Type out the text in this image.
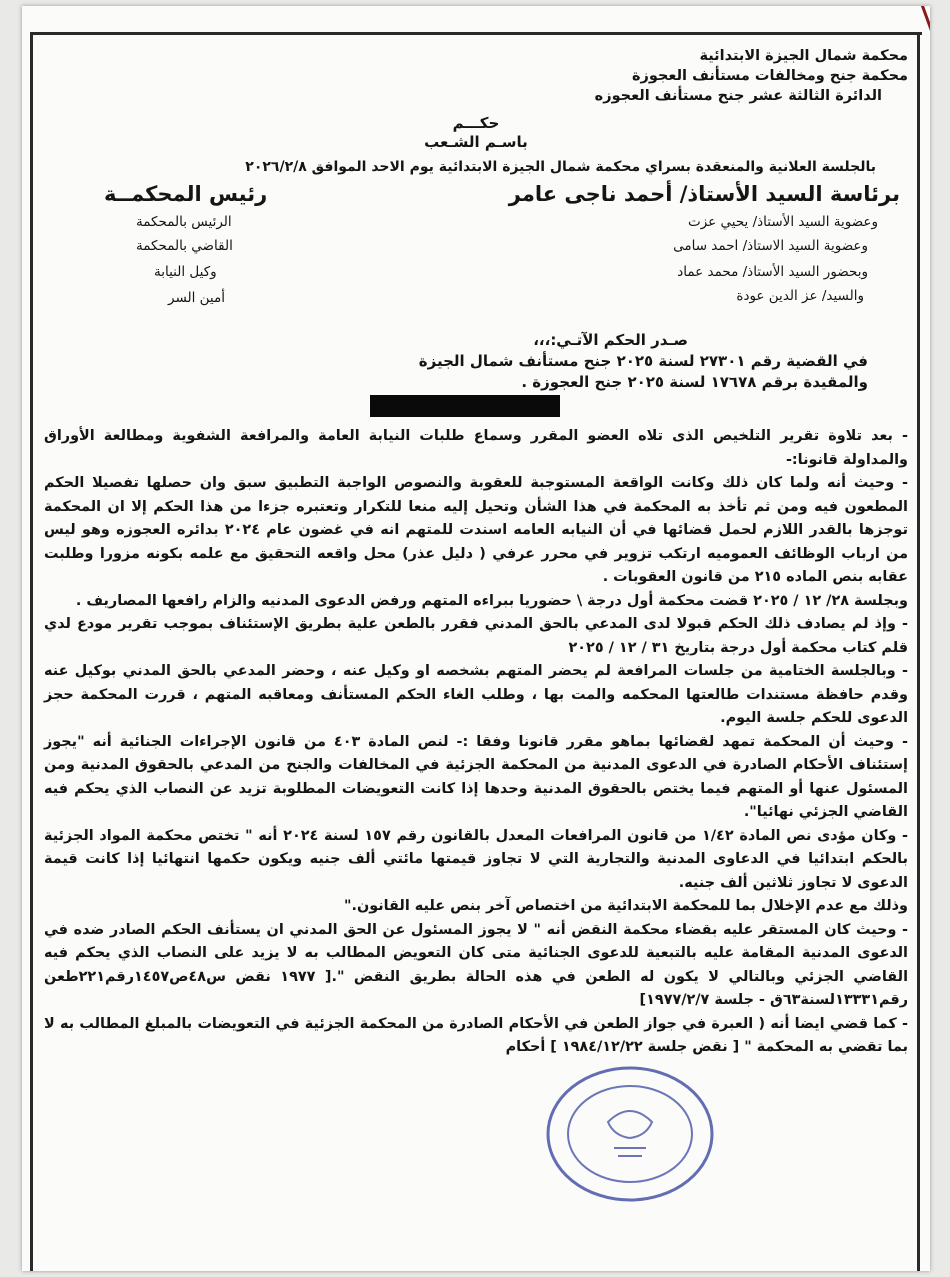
محكمة شمال الجيزة الابتدائية
محكمة جنح ومخالفات مستأنف العجوزة
الدائرة الثالثة عشر جنح مستأنف العجوزه
حكـــم
باسـم الشـعب
بالجلسة العلانية والمنعقدة بسراي محكمة شمال الجيزة الابتدائية يوم الاحد الموافق ٢٠٢٦/٢/٨
برئاسة السيد الأستاذ/ أحمد ناجى عامر
رئيس المحكمــة
وعضوية السيد الأستاذ/ يحيي عزت
الرئيس بالمحكمة
وعضوية السيد الاستاذ/ احمد سامى
القاضي بالمحكمة
وبحضور السيد الأستاذ/ محمد عماد
وكيل النيابة
والسيد/ عز الدين عودة
أمين السر
صـدر الحكم الآتـي:،،،
في القضية رقم ٢٧٣٠١ لسنة ٢٠٢٥ جنح مستأنف شمال الجيزة
والمقيدة برقم ١٧٦٧٨ لسنة ٢٠٢٥ جنح العجوزة .

- بعد تلاوة تقرير التلخيص الذى تلاه العضو المقرر وسماع طلبات النيابة العامة والمرافعة الشفوية ومطالعة الأوراق والمداولة قانونا:-

- وحيث أنه ولما كان ذلك وكانت الواقعة المستوجبة للعقوبة والنصوص الواجبة التطبيق سبق وان حصلها تفصيلا الحكم المطعون فيه ومن ثم تأخذ به المحكمة في هذا الشأن وتحيل إليه منعا للتكرار وتعتبره جزءا من هذا الحكم إلا ان المحكمة توجزها بالقدر اللازم لحمل قضائها في أن النيابه العامه اسندت للمتهم انه في غضون عام ٢٠٢٤ بدائره العجوزه وهو ليس من ارباب الوظائف العموميه ارتكب تزوير في محرر عرفي ( دليل عذر) محل واقعه التحقيق مع علمه بكونه مزورا وطلبت عقابه بنص الماده ٢١٥ من قانون العقوبات .

وبجلسة ٢٨/ ١٢ / ٢٠٢٥ قضت محكمة أول درجة \ حضوريا ببراءه المتهم ورفض الدعوى المدنيه والزام رافعها المصاريف .

- وإذ لم يصادف ذلك الحكم قبولا لدى المدعي بالحق المدني فقرر بالطعن علية بطريق الإستئناف بموجب تقرير مودع لدي قلم كتاب محكمة أول درجة بتاريخ ٣١ / ١٢ / ٢٠٢٥

- وبالجلسة الختامية من جلسات المرافعة لم يحضر المتهم بشخصه او وكيل عنه ، وحضر المدعي بالحق المدني بوكيل عنه وقدم حافظة مستندات طالعتها المحكمه والمت بها ، وطلب الغاء الحكم المستأنف ومعاقبه المتهم ، قررت المحكمة حجز الدعوى للحكم جلسة اليوم.

- وحيث أن المحكمة تمهد لقضائها بماهو مقرر قانونا وفقا :- لنص المادة ٤٠٣ من قانون الإجراءات الجنائية أنه "يجوز إستئناف الأحكام الصادرة في الدعوى المدنية من المحكمة الجزئية في المخالفات والجنح من المدعي بالحقوق المدنية ومن المسئول عنها أو المتهم فيما يختص بالحقوق المدنية وحدها إذا كانت التعويضات المطلوبة تزيد عن النصاب الذي يحكم فيه القاضي الجزئي نهائيا".

- وكان مؤدى نص المادة ١/٤٢ من قانون المرافعات المعدل بالقانون رقم ١٥٧ لسنة ٢٠٢٤ أنه " تختص محكمة المواد الجزئية بالحكم ابتدائيا في الدعاوى المدنية والتجارية التي لا تجاوز قيمتها مائتي ألف جنيه ويكون حكمها انتهائيا إذا كانت قيمة الدعوى لا تجاوز ثلاثين ألف جنيه.

وذلك مع عدم الإخلال بما للمحكمة الابتدائية من اختصاص آخر بنص عليه القانون."

- وحيث كان المستقر عليه بقضاء محكمة النقض أنه " لا يجوز المسئول عن الحق المدني ان يستأنف الحكم الصادر ضده في الدعوى المدنية المقامة عليه بالتبعية للدعوى الجنائية متى كان التعويض المطالب به لا يزيد على النصاب الذي يحكم فيه القاضي الجزئي وبالتالي لا يكون له الطعن في هذه الحالة بطريق النقض ".[ ١٩٧٧ نقض س٤٨ص١٤٥٧رقم٢٢١طعن رقم١٣٣٣١لسنة٦٣ق - جلسة ١٩٧٧/٢/٧]

- كما قضي ايضا أنه ( العبرة في جواز الطعن في الأحكام الصادرة من المحكمة الجزئية في التعويضات بالمبلغ المطالب به لا بما تقضي به المحكمة " [ نقض جلسة ١٩٨٤/١٢/٢٢ ] أحكام
